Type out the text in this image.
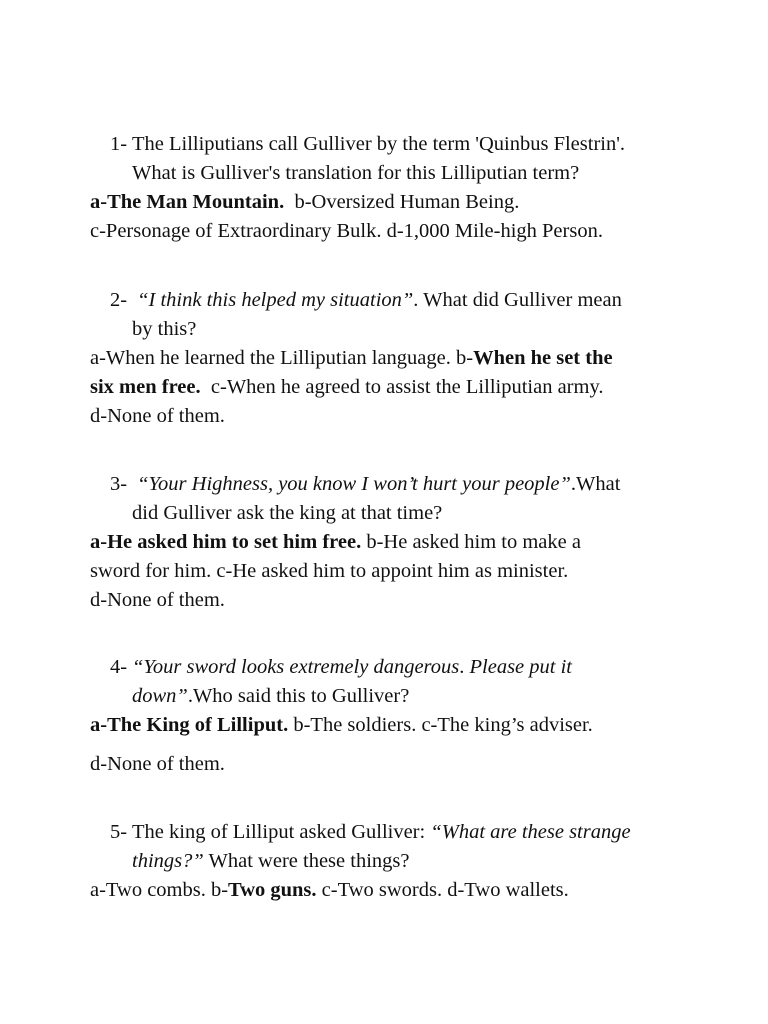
1- The Lilliputians call Gulliver by the term 'Quinbus Flestrin'.
What is Gulliver's translation for this Lilliputian term?
a-The Man Mountain. b-Oversized Human Being.
c-Personage of Extraordinary Bulk. d-1,000 Mile-high Person.
2- “I think this helped my situation”. What did Gulliver mean
by this?
a-When he learned the Lilliputian language. b-When he set the
six men free. c-When he agreed to assist the Lilliputian army.
d-None of them.
3- “Your Highness, you know I won’t hurt your people”.What
did Gulliver ask the king at that time?
a-He asked him to set him free. b-He asked him to make a
sword for him. c-He asked him to appoint him as minister.
d-None of them.
4- “Your sword looks extremely dangerous. Please put it
down”.Who said this to Gulliver?
a-The King of Lilliput. b-The soldiers. c-The king’s adviser.
d-None of them.
5- The king of Lilliput asked Gulliver: “What are these strange
things?” What were these things?
a-Two combs. b-Two guns. c-Two swords. d-Two wallets.
